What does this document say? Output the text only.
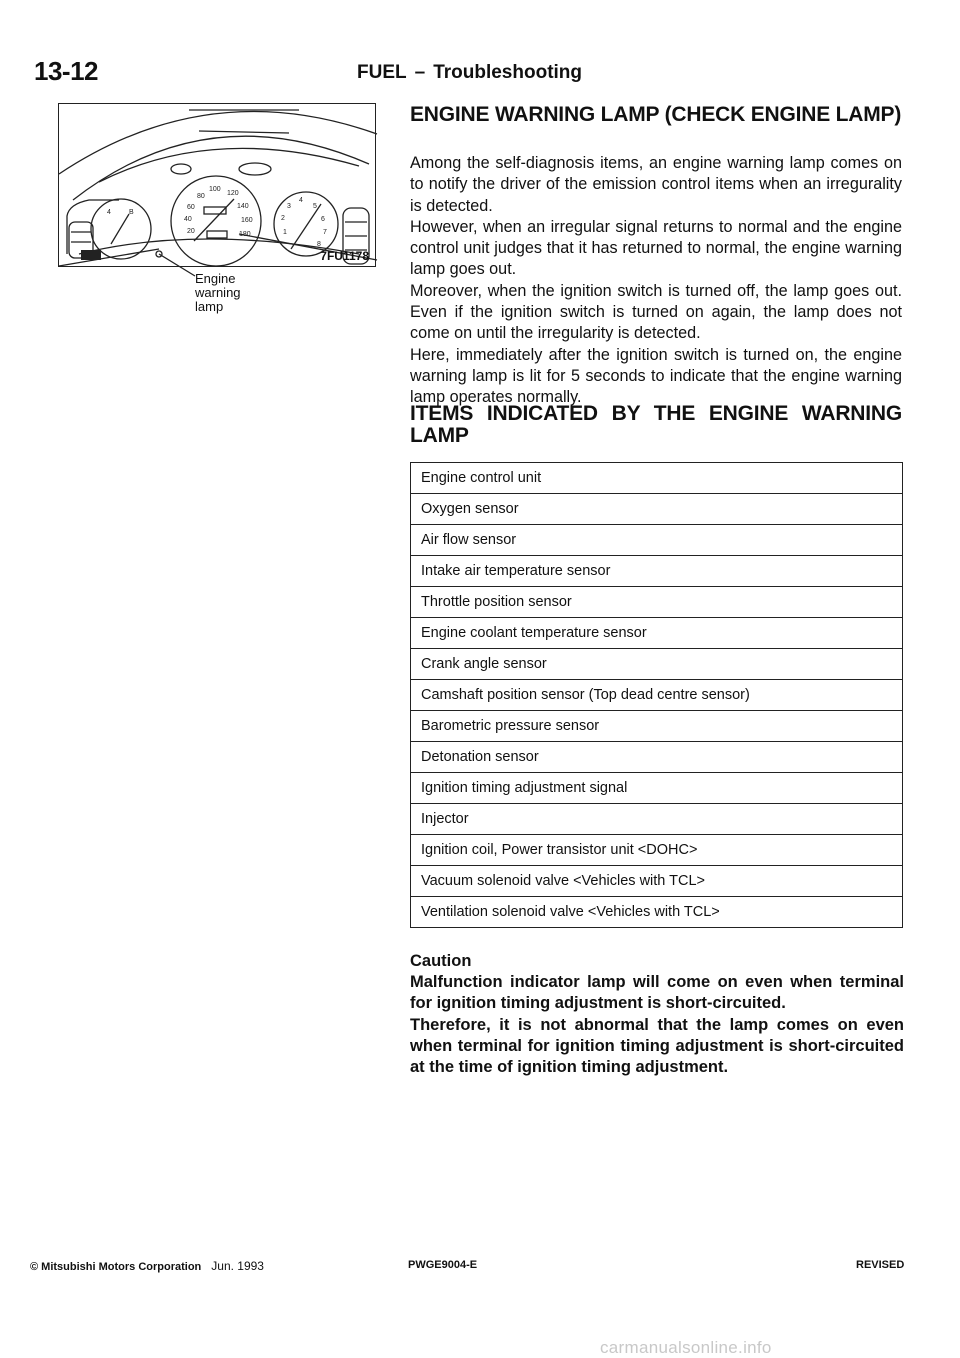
13-12	FUEL – Troubleshooting
80
100
120
60	140
40	160
20	180
4
3	5
2	6
1	7
8
4	B
Engine
warning
lamp
7FU1178
ENGINE WARNING LAMP (CHECK ENGINE LAMP)

Among the self-diagnosis items, an engine warning lamp comes on to notify the driver of the emission control items when an irregurality is detected.

However, when an irregular signal returns to normal and the engine control unit judges that it has returned to normal, the engine warning lamp goes out.

Moreover, when the ignition switch is turned off, the lamp goes out. Even if the ignition switch is turned on again, the lamp does not come on until the irregularity is detected.

Here, immediately after the ignition switch is turned on, the engine warning lamp is lit for 5 seconds to indicate that the engine warning lamp operates normally.

ITEMS INDICATED BY THE ENGINE WARNING LAMP
Engine control unit
Oxygen sensor
Air flow sensor
Intake air temperature sensor
Throttle position sensor
Engine coolant temperature sensor
Crank angle sensor
Camshaft position sensor (Top dead centre sensor)
Barometric pressure sensor
Detonation sensor
Ignition timing adjustment signal
Injector
Ignition coil, Power transistor unit <DOHC>
Vacuum solenoid valve <Vehicles with TCL>
Ventilation solenoid valve <Vehicles with TCL>

Caution

Malfunction indicator lamp will come on even when terminal for ignition timing adjustment is short-circuited.

Therefore, it is not abnormal that the lamp comes on even when terminal for ignition timing adjustment is short-circuited at the time of ignition timing adjustment.

© Mitsubishi Motors Corporation Jun. 1993	PWGE9004-E	REVISED
carmanualsonline.info
